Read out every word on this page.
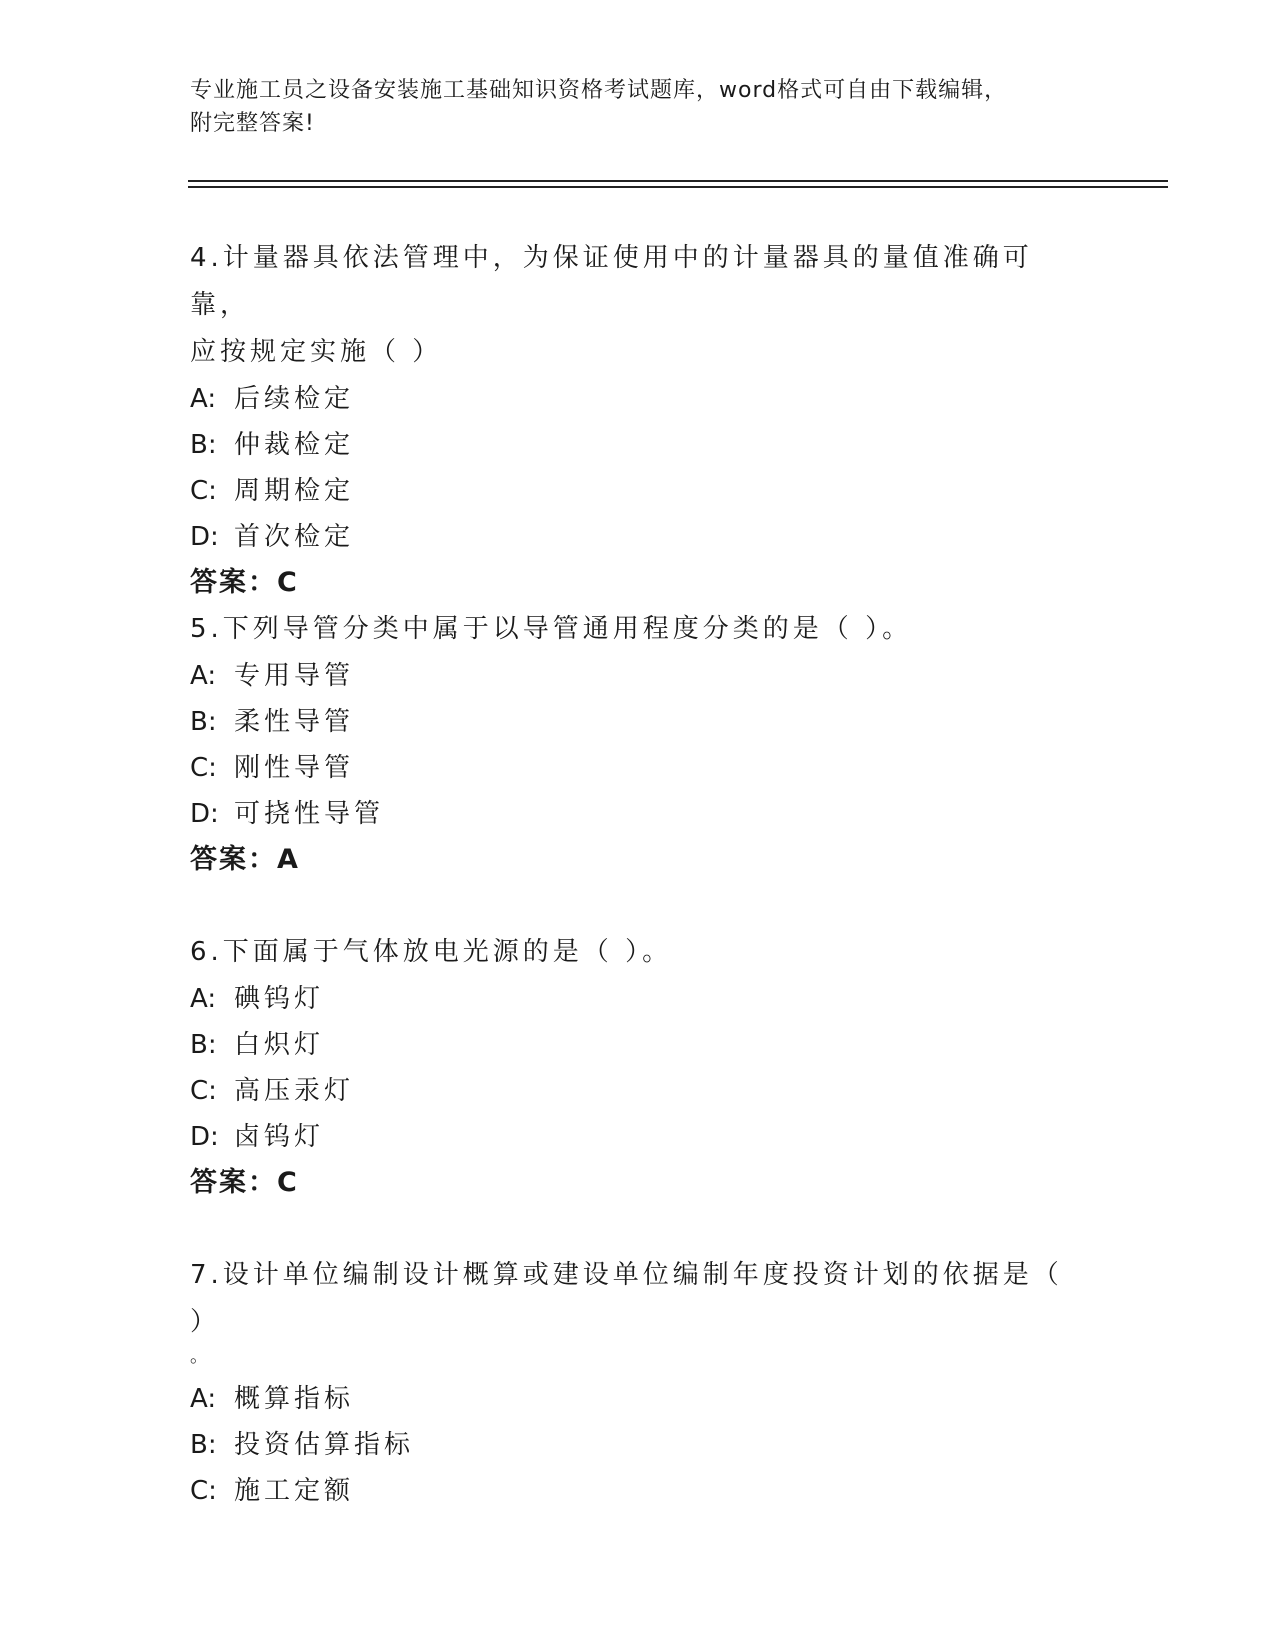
专业施工员之设备安装施工基础知识资格考试题库，word格式可自由下载编辑，
附完整答案!
4.计量器具依法管理中，为保证使用中的计量器具的量值准确可靠，
应按规定实施（ ）
A: 后续检定
B: 仲裁检定
C: 周期检定
D: 首次检定
答案：C
5.下列导管分类中属于以导管通用程度分类的是（ ）。
A: 专用导管
B: 柔性导管
C: 刚性导管
D: 可挠性导管
答案：A
6.下面属于气体放电光源的是（ ）。
A: 碘钨灯
B: 白炽灯
C: 高压汞灯
D: 卤钨灯
答案：C
7.设计单位编制设计概算或建设单位编制年度投资计划的依据是（ ）
。
A: 概算指标
B: 投资估算指标
C: 施工定额
